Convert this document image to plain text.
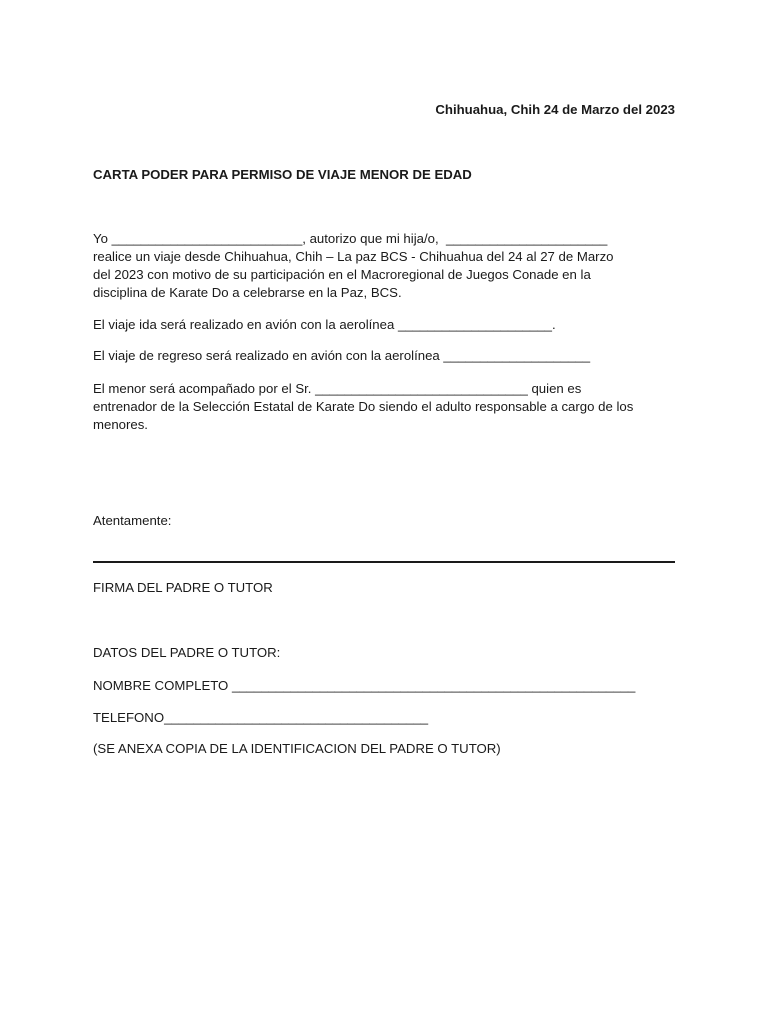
Chihuahua, Chih 24 de Marzo del 2023

CARTA PODER PARA PERMISO DE VIAJE MENOR DE EDAD

Yo __________________________, autorizo que mi hija/o,  ______________________
realice un viaje desde Chihuahua, Chih – La paz BCS - Chihuahua del 24 al 27 de Marzo
del 2023 con motivo de su participación en el Macroregional de Juegos Conade en la
disciplina de Karate Do a celebrarse en la Paz, BCS.

El viaje ida será realizado en avión con la aerolínea _____________________.

El viaje de regreso será realizado en avión con la aerolínea ____________________

El menor será acompañado por el Sr. _____________________________ quien es
entrenador de la Selección Estatal de Karate Do siendo el adulto responsable a cargo de los
menores.

Atentamente:

FIRMA DEL PADRE O TUTOR

DATOS DEL PADRE O TUTOR:

NOMBRE COMPLETO _______________________________________________________

TELEFONO____________________________________

(SE ANEXA COPIA DE LA IDENTIFICACION DEL PADRE O TUTOR)
